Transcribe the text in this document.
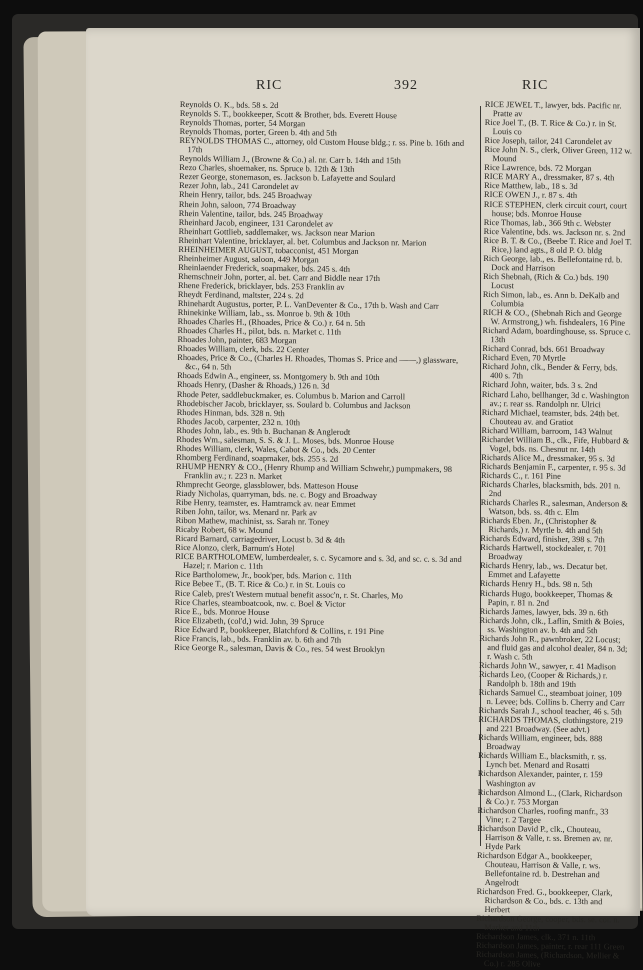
RIC	392	RIC
Reynolds O. K., bds. 58 s. 2d
Reynolds S. T., bookkeeper, Scott & Brother, bds. Everett House
Reynolds Thomas, porter, 54 Morgan
Reynolds Thomas, porter, Green b. 4th and 5th
REYNOLDS THOMAS C., attorney, old Custom House bldg.; r. ss. Pine b. 16th and 17th
Reynolds William J., (Browne & Co.) al. nr. Carr b. 14th and 15th
Rezo Charles, shoemaker, ns. Spruce b. 12th & 13th
Rezer George, stonemason, es. Jackson b. Lafayette and Soulard
Rezer John, lab., 241 Carondelet av
Rhein Henry, tailor, bds. 245 Broadway
Rhein John, saloon, 774 Broadway
Rhein Valentine, tailor, bds. 245 Broadway
Rheinhard Jacob, engineer, 131 Carondelet av
Rheinhart Gottlieb, saddlemaker, ws. Jackson near Marion
Rheinhart Valentine, bricklayer, al. bet. Columbus and Jackson nr. Marion
RHEINHEIMER AUGUST, tobacconist, 451 Morgan
Rheinheimer August, saloon, 449 Morgan
Rheinlaender Frederick, soapmaker, bds. 245 s. 4th
Rhemschneir John, porter, al. bet. Carr and Biddle near 17th
Rhene Frederick, bricklayer, bds. 253 Franklin av
Rheydt Ferdinand, maltster, 224 s. 2d
Rhinehardt Augustus, porter, P. L. VanDeventer & Co., 17th b. Wash and Carr
Rhinekinke William, lab., ss. Monroe b. 9th & 10th
Rhoades Charles H., (Rhoades, Price & Co.) r. 64 n. 5th
Rhoades Charles H., pilot, bds. n. Market c. 11th
Rhoades John, painter, 683 Morgan
Rhoades William, clerk, bds. 22 Center
Rhoades, Price & Co., (Charles H. Rhoades, Thomas S. Price and ——,) glassware, &c., 64 n. 5th
Rhoads Edwin A., engineer, ss. Montgomery b. 9th and 10th
Rhoads Henry, (Dasher & Rhoads,) 126 n. 3d
Rhode Peter, saddlebuckmaker, es. Columbus b. Marion and Carroll
Rhodebischer Jacob, bricklayer, ss. Soulard b. Columbus and Jackson
Rhodes Hinman, bds. 328 n. 9th
Rhodes Jacob, carpenter, 232 n. 10th
Rhodes John, lab., es. 9th b. Buchanan & Anglerodt
Rhodes Wm., salesman, S. S. & J. L. Moses, bds. Monroe House
Rhodes William, clerk, Wales, Cabot & Co., bds. 20 Center
Rhomberg Ferdinand, soapmaker, bds. 255 s. 2d
RHUMP HENRY & CO., (Henry Rhump and William Schwehr,) pumpmakers, 98 Franklin av.; r. 223 n. Market
Rhmprecht George, glassblower, bds. Matteson House
Riady Nicholas, quarryman, bds. ne. c. Bogy and Broadway
Ribe Henry, teamster, es. Hamtramck av. near Emmet
Riben John, tailor, ws. Menard nr. Park av
Ribon Mathew, machinist, ss. Sarah nr. Toney
Ricaby Robert, 68 w. Mound
Ricard Barnard, carriagedriver, Locust b. 3d & 4th
Rice Alonzo, clerk, Barnum's Hotel
RICE BARTHOLOMEW, lumberdealer, s. c. Sycamore and s. 3d, and sc. c. s. 3d and Hazel; r. Marion c. 11th
Rice Bartholomew, Jr., book'per, bds. Marion c. 11th
Rice Bebee T., (B. T. Rice & Co.) r. in St. Louis co
Rice Caleb, pres't Western mutual benefit assoc'n, r. St. Charles, Mo
Rice Charles, steamboatcook, nw. c. Boel & Victor
Rice E., bds. Monroe House
Rice Elizabeth, (col'd,) wid. John, 39 Spruce
Rice Edward P., bookkeeper, Blatchford & Collins, r. 191 Pine
Rice Francis, lab., bds. Franklin av. b. 6th and 7th
Rice George R., salesman, Davis & Co., res. 54 west Brooklyn
RICE JEWEL T., lawyer, bds. Pacific nr. Pratte av
Rice Joel T., (B. T. Rice & Co.) r. in St. Louis co
Rice Joseph, tailor, 241 Carondelet av
Rice John N. S., clerk, Oliver Green, 112 w. Mound
Rice Lawrence, bds. 72 Morgan
RICE MARY A., dressmaker, 87 s. 4th
Rice Matthew, lab., 18 s. 3d
RICE OWEN J., r. 87 s. 4th
RICE STEPHEN, clerk circuit court, court house; bds. Monroe House
Rice Thomas, lab., 366 9th c. Webster
Rice Valentine, bds. ws. Jackson nr. s. 2nd
Rice B. T. & Co., (Beebe T. Rice and Joel T. Rice,) land agts., 8 old P. O. bldg
Rich George, lab., es. Bellefontaine rd. b. Dock and Harrison
Rich Shebnah, (Rich & Co.) bds. 190 Locust
Rich Simon, lab., es. Ann b. DeKalb and Columbia
RICH & CO., (Shebnah Rich and George W. Armstrong,) wh. fishdealers, 16 Pine
Richard Adam, boardinghouse, ss. Spruce c. 13th
Richard Conrad, bds. 661 Broadway
Richard Even, 70 Myrtle
Richard John, clk., Bender & Ferry, bds. 400 s. 7th
Richard John, waiter, bds. 3 s. 2nd
Richard Laho, bellhanger, 3d c. Washington av.; r. rear ss. Randolph nr. Ulrici
Richard Michael, teamster, bds. 24th bet. Chouteau av. and Gratiot
Richard William, barroom, 143 Walnut
Richardet William B., clk., Fife, Hubbard & Vogel, bds. ns. Chesnut nr. 14th
Richards Alice M., dressmaker, 95 s. 3d
Richards Benjamin F., carpenter, r. 95 s. 3d
Richards C., r. 161 Pine
Richards Charles, blacksmith, bds. 201 n. 2nd
Richards Charles R., salesman, Anderson & Watson, bds. ss. 4th c. Elm
Richards Eben. Jr., (Christopher & Richards,) r. Myrtle b. 4th and 5th
Richards Edward, finisher, 398 s. 7th
Richards Hartwell, stockdealer, r. 701 Broadway
Richards Henry, lab., ws. Decatur bet. Emmet and Lafayette
Richards Henry H., bds. 98 n. 5th
Richards Hugo, bookkeeper, Thomas & Papin, r. 81 n. 2nd
Richards James, lawyer, bds. 39 n. 6th
Richards John, clk., Laflin, Smith & Boies, ss. Washington av. b. 4th and 5th
Richards John R., pawnbroker, 22 Locust; and fluid gas and alcohol dealer, 84 n. 3d; r. Wash c. 5th
Richards John W., sawyer, r. 41 Madison
Richards Leo, (Cooper & Richards,) r. Randolph b. 18th and 19th
Richards Samuel C., steamboat joiner, 109 n. Levee; bds. Collins b. Cherry and Carr
Richards Sarah J., school teacher, 46 s. 5th
RICHARDS THOMAS, clothingstore, 219 and 221 Broadway. (See advt.)
Richards William, engineer, bds. 888 Broadway
Richards William E., blacksmith, r. ss. Lynch bet. Menard and Rosatti
Richardson Alexander, painter, r. 159 Washington av
Richardson Almond L., (Clark, Richardson & Co.) r. 753 Morgan
Richardson Charles, roofing manfr., 33 Vine; r. 2 Targee
Richardson David P., clk., Chouteau, Harrison & Valle, r. ss. Bremen av. nr. Hyde Park
Richardson Edgar A., bookkeeper, Chouteau, Harrison & Valle, r. ws. Bellefontaine rd. b. Destrehan and Angelrodt
Richardson Fred. G., bookkeeper, Clark, Richardson & Co., bds. c. 13th and Herbert
Richardson George, cooper, bds. se. cor. n. Market and 11th
Richardson James, clk., 371 n. 11th
Richardson James, painter, r. rear 111 Green
Richardson James, (Richardson, Mellier & Co.) r. 285 Olive
